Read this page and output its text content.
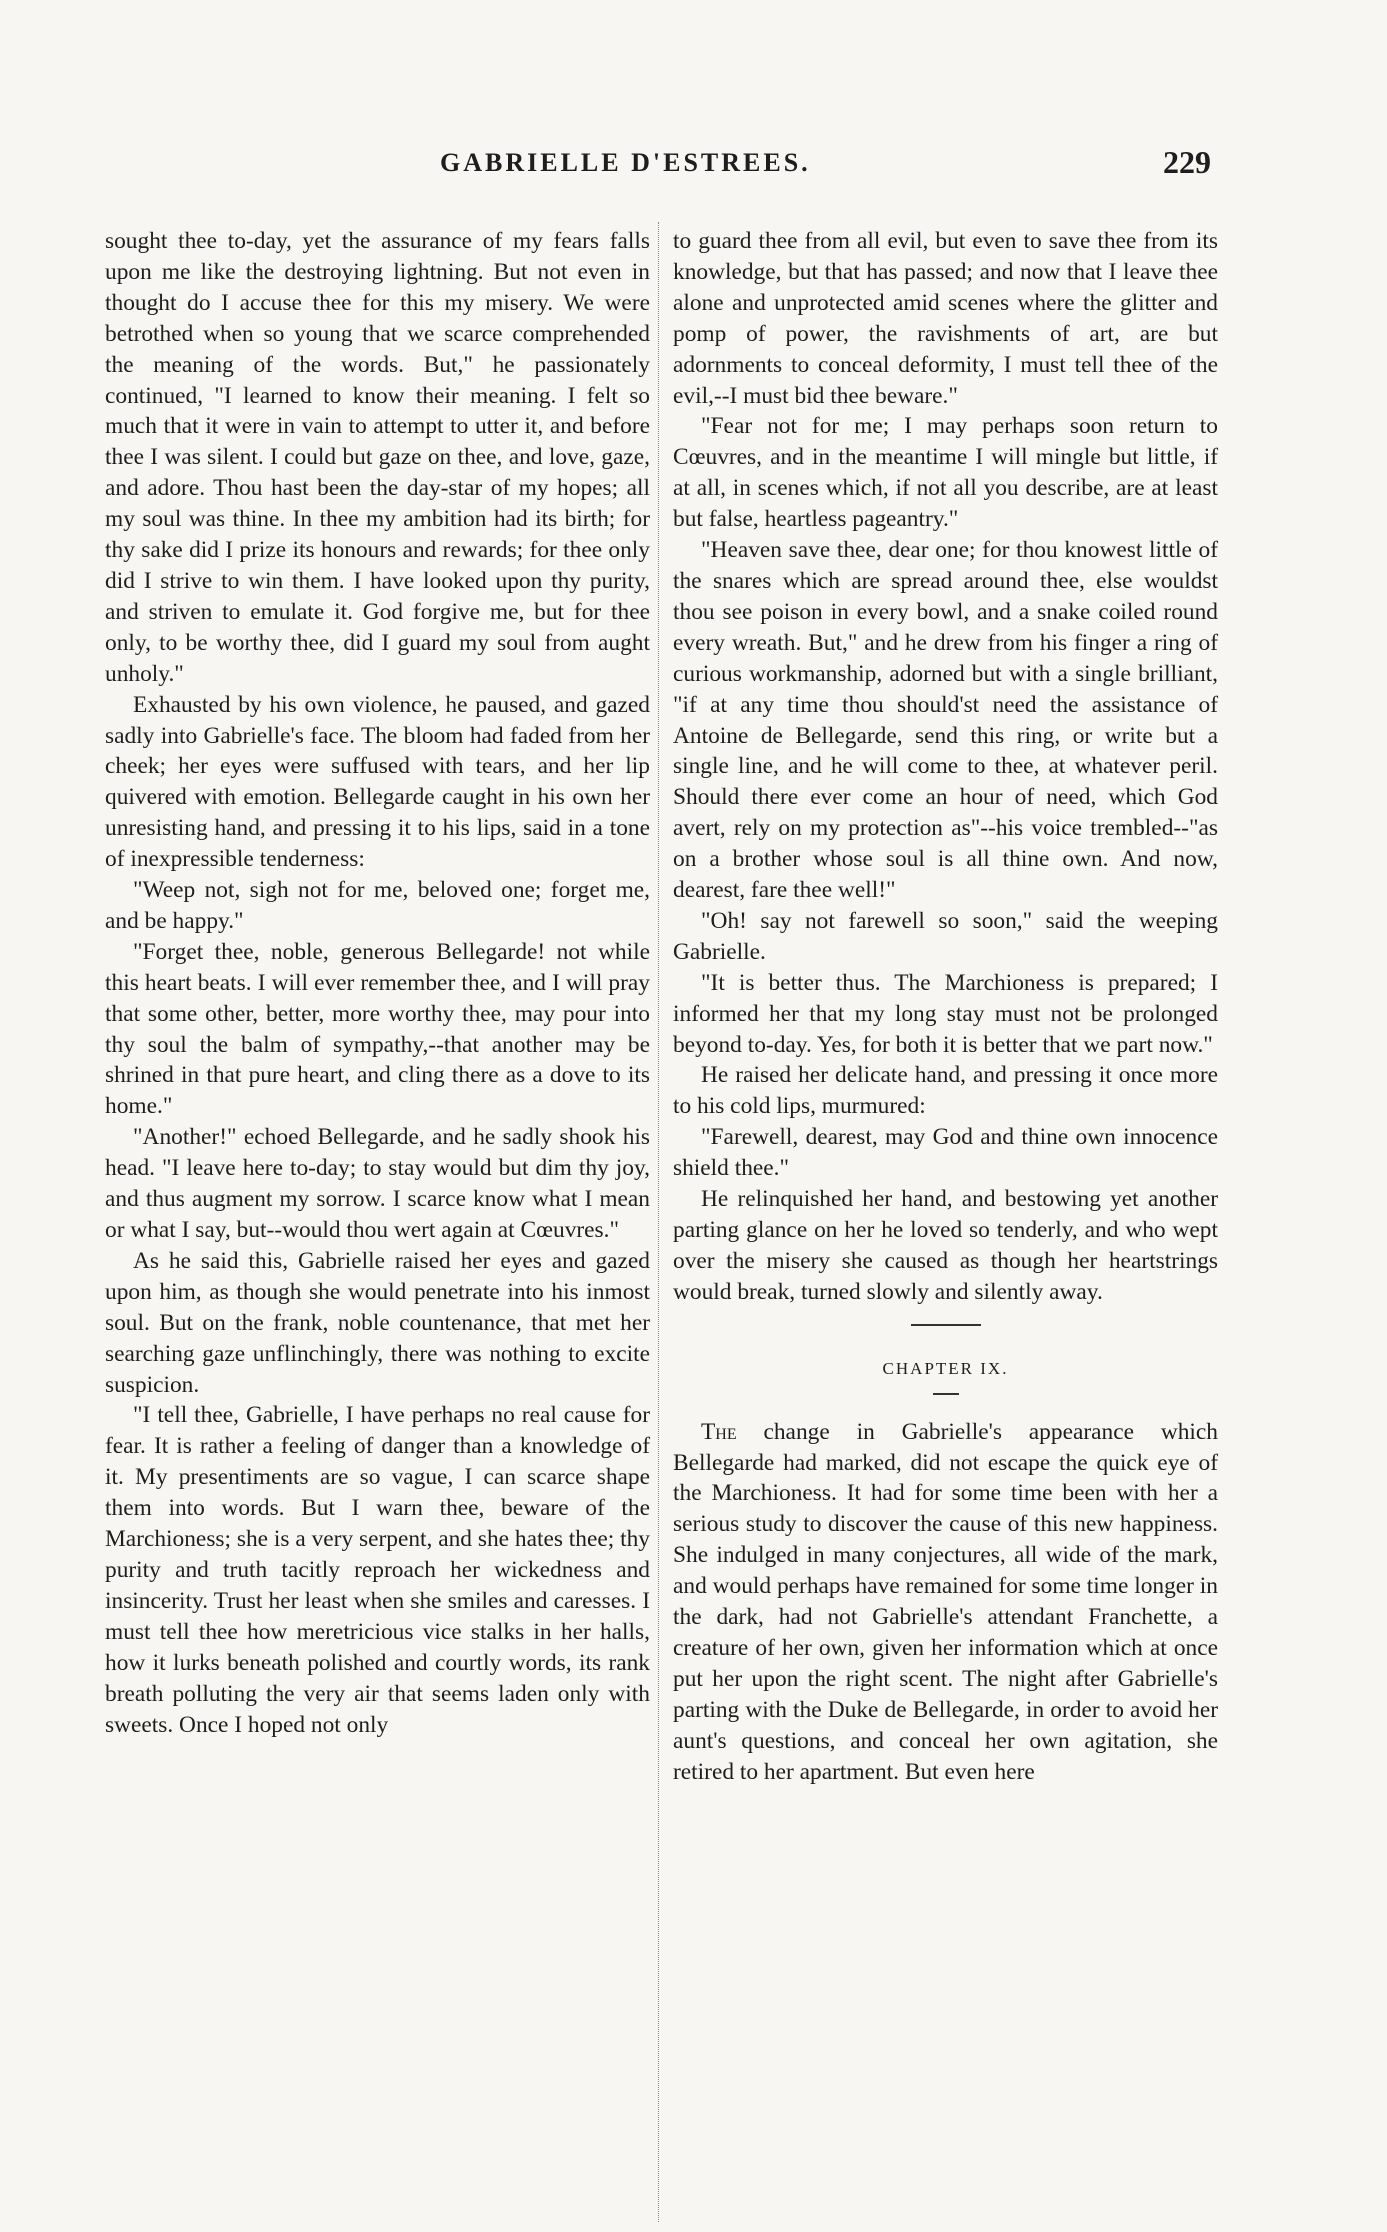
GABRIELLE D'ESTREES.	229

sought thee to-day, yet the assurance of my fears falls upon me like the destroying lightning. But not even in thought do I accuse thee for this my misery. We were betrothed when so young that we scarce comprehended the meaning of the words. But," he passionately continued, "I learned to know their meaning. I felt so much that it were in vain to attempt to utter it, and before thee I was silent. I could but gaze on thee, and love, gaze, and adore. Thou hast been the day-star of my hopes; all my soul was thine. In thee my ambition had its birth; for thy sake did I prize its honours and rewards; for thee only did I strive to win them. I have looked upon thy purity, and striven to emulate it. God forgive me, but for thee only, to be worthy thee, did I guard my soul from aught unholy."

Exhausted by his own violence, he paused, and gazed sadly into Gabrielle's face. The bloom had faded from her cheek; her eyes were suffused with tears, and her lip quivered with emotion. Bellegarde caught in his own her unresisting hand, and pressing it to his lips, said in a tone of inexpressible tenderness:

"Weep not, sigh not for me, beloved one; forget me, and be happy."

"Forget thee, noble, generous Bellegarde! not while this heart beats. I will ever remember thee, and I will pray that some other, better, more worthy thee, may pour into thy soul the balm of sympathy,--that another may be shrined in that pure heart, and cling there as a dove to its home."

"Another!" echoed Bellegarde, and he sadly shook his head. "I leave here to-day; to stay would but dim thy joy, and thus augment my sorrow. I scarce know what I mean or what I say, but--would thou wert again at Cœuvres."

As he said this, Gabrielle raised her eyes and gazed upon him, as though she would penetrate into his inmost soul. But on the frank, noble countenance, that met her searching gaze unflinchingly, there was nothing to excite suspicion.

"I tell thee, Gabrielle, I have perhaps no real cause for fear. It is rather a feeling of danger than a knowledge of it. My presentiments are so vague, I can scarce shape them into words. But I warn thee, beware of the Marchioness; she is a very serpent, and she hates thee; thy purity and truth tacitly reproach her wickedness and insincerity. Trust her least when she smiles and caresses. I must tell thee how meretricious vice stalks in her halls, how it lurks beneath polished and courtly words, its rank breath polluting the very air that seems laden only with sweets. Once I hoped not only

to guard thee from all evil, but even to save thee from its knowledge, but that has passed; and now that I leave thee alone and unprotected amid scenes where the glitter and pomp of power, the ravishments of art, are but adornments to conceal deformity, I must tell thee of the evil,--I must bid thee beware."

"Fear not for me; I may perhaps soon return to Cœuvres, and in the meantime I will mingle but little, if at all, in scenes which, if not all you describe, are at least but false, heartless pageantry."

"Heaven save thee, dear one; for thou knowest little of the snares which are spread around thee, else wouldst thou see poison in every bowl, and a snake coiled round every wreath. But," and he drew from his finger a ring of curious workmanship, adorned but with a single brilliant, "if at any time thou should'st need the assistance of Antoine de Bellegarde, send this ring, or write but a single line, and he will come to thee, at whatever peril. Should there ever come an hour of need, which God avert, rely on my protection as"--his voice trembled--"as on a brother whose soul is all thine own. And now, dearest, fare thee well!"

"Oh! say not farewell so soon," said the weeping Gabrielle.

"It is better thus. The Marchioness is prepared; I informed her that my long stay must not be prolonged beyond to-day. Yes, for both it is better that we part now."

He raised her delicate hand, and pressing it once more to his cold lips, murmured:

"Farewell, dearest, may God and thine own innocence shield thee."

He relinquished her hand, and bestowing yet another parting glance on her he loved so tenderly, and who wept over the misery she caused as though her heartstrings would break, turned slowly and silently away.

CHAPTER IX.

The change in Gabrielle's appearance which Bellegarde had marked, did not escape the quick eye of the Marchioness. It had for some time been with her a serious study to discover the cause of this new happiness. She indulged in many conjectures, all wide of the mark, and would perhaps have remained for some time longer in the dark, had not Gabrielle's attendant Franchette, a creature of her own, given her information which at once put her upon the right scent. The night after Gabrielle's parting with the Duke de Bellegarde, in order to avoid her aunt's questions, and conceal her own agitation, she retired to her apartment. But even here
